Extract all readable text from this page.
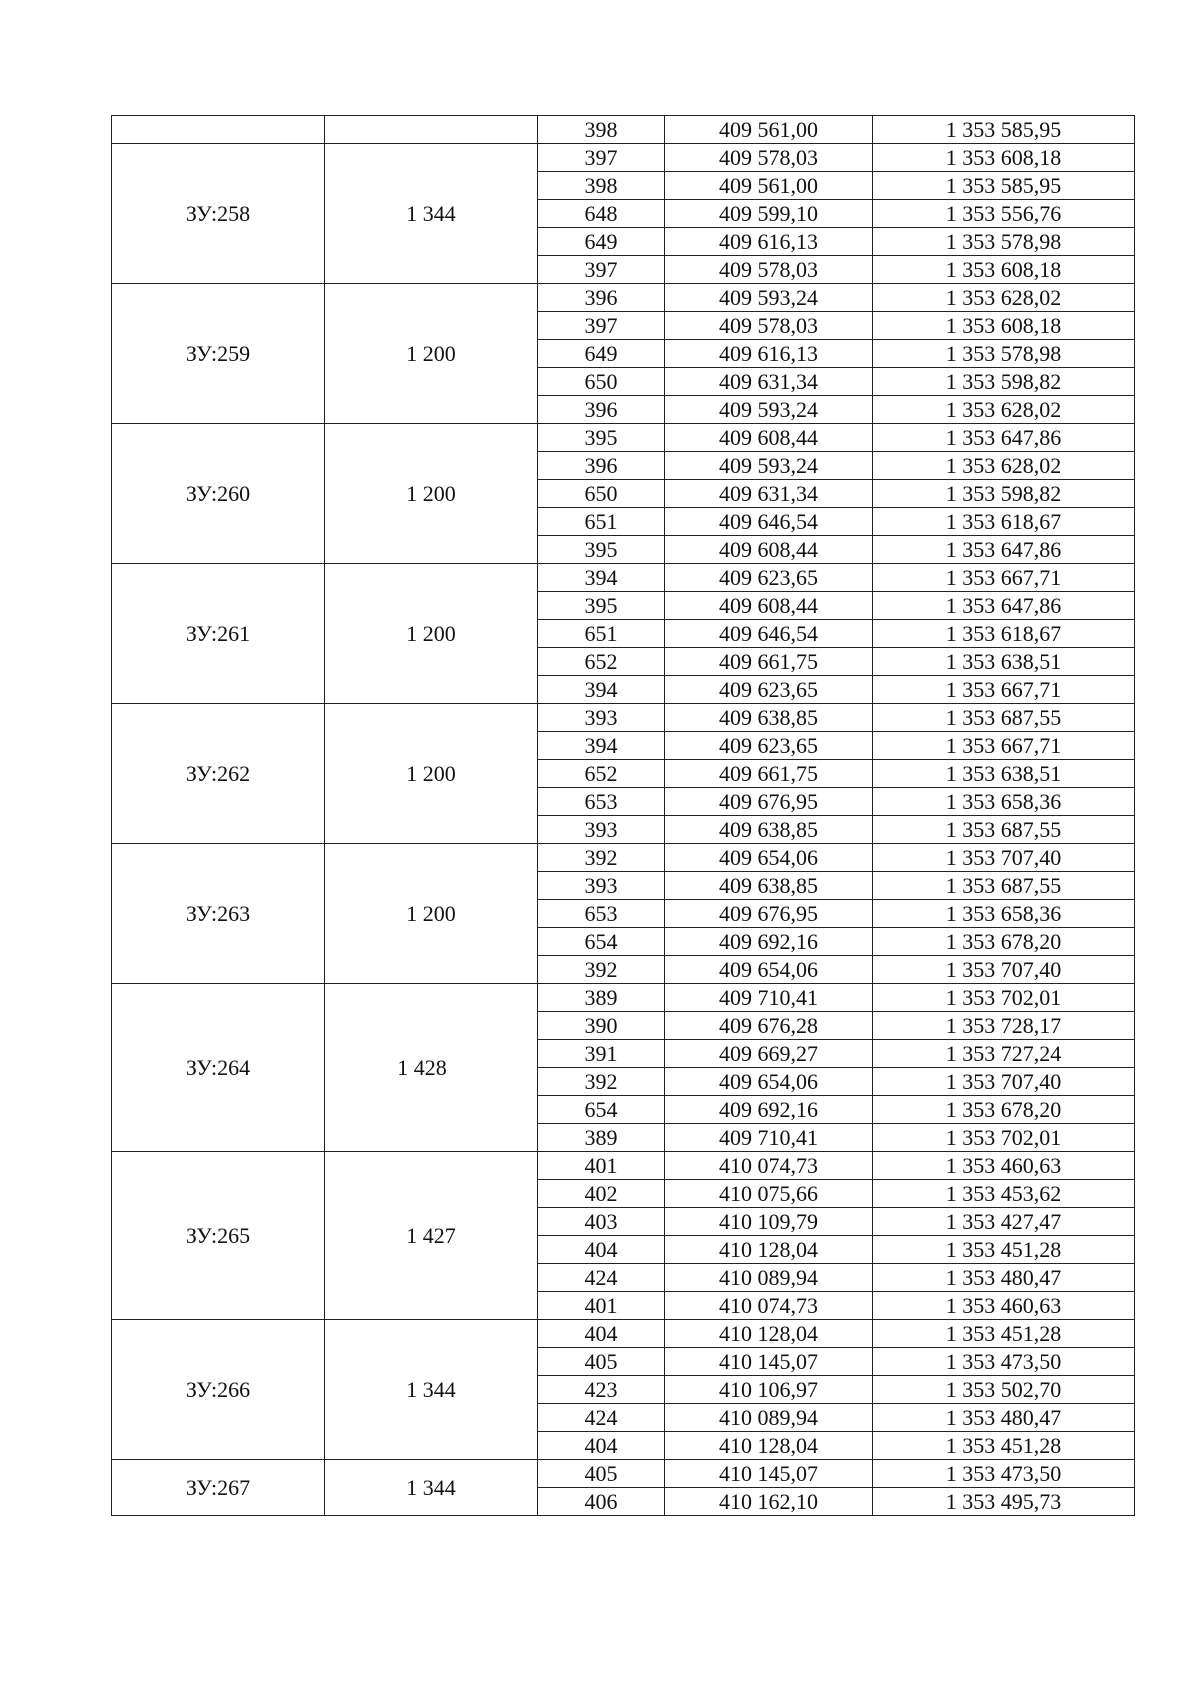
		398	409 561,00	1 353 585,95
ЗУ:258	1 344	397	409 578,03	1 353 608,18
		398	409 561,00	1 353 585,95
		648	409 599,10	1 353 556,76
		649	409 616,13	1 353 578,98
		397	409 578,03	1 353 608,18
ЗУ:259	1 200	396	409 593,24	1 353 628,02
		397	409 578,03	1 353 608,18
		649	409 616,13	1 353 578,98
		650	409 631,34	1 353 598,82
		396	409 593,24	1 353 628,02
ЗУ:260	1 200	395	409 608,44	1 353 647,86
		396	409 593,24	1 353 628,02
		650	409 631,34	1 353 598,82
		651	409 646,54	1 353 618,67
		395	409 608,44	1 353 647,86
ЗУ:261	1 200	394	409 623,65	1 353 667,71
		395	409 608,44	1 353 647,86
		651	409 646,54	1 353 618,67
		652	409 661,75	1 353 638,51
		394	409 623,65	1 353 667,71
ЗУ:262	1 200	393	409 638,85	1 353 687,55
		394	409 623,65	1 353 667,71
		652	409 661,75	1 353 638,51
		653	409 676,95	1 353 658,36
		393	409 638,85	1 353 687,55
ЗУ:263	1 200	392	409 654,06	1 353 707,40
		393	409 638,85	1 353 687,55
		653	409 676,95	1 353 658,36
		654	409 692,16	1 353 678,20
		392	409 654,06	1 353 707,40
ЗУ:264	1 428	389	409 710,41	1 353 702,01
		390	409 676,28	1 353 728,17
		391	409 669,27	1 353 727,24
		392	409 654,06	1 353 707,40
		654	409 692,16	1 353 678,20
		389	409 710,41	1 353 702,01
ЗУ:265	1 427	401	410 074,73	1 353 460,63
		402	410 075,66	1 353 453,62
		403	410 109,79	1 353 427,47
		404	410 128,04	1 353 451,28
		424	410 089,94	1 353 480,47
		401	410 074,73	1 353 460,63
ЗУ:266	1 344	404	410 128,04	1 353 451,28
		405	410 145,07	1 353 473,50
		423	410 106,97	1 353 502,70
		424	410 089,94	1 353 480,47
		404	410 128,04	1 353 451,28
ЗУ:267	1 344	405	410 145,07	1 353 473,50
		406	410 162,10	1 353 495,73
